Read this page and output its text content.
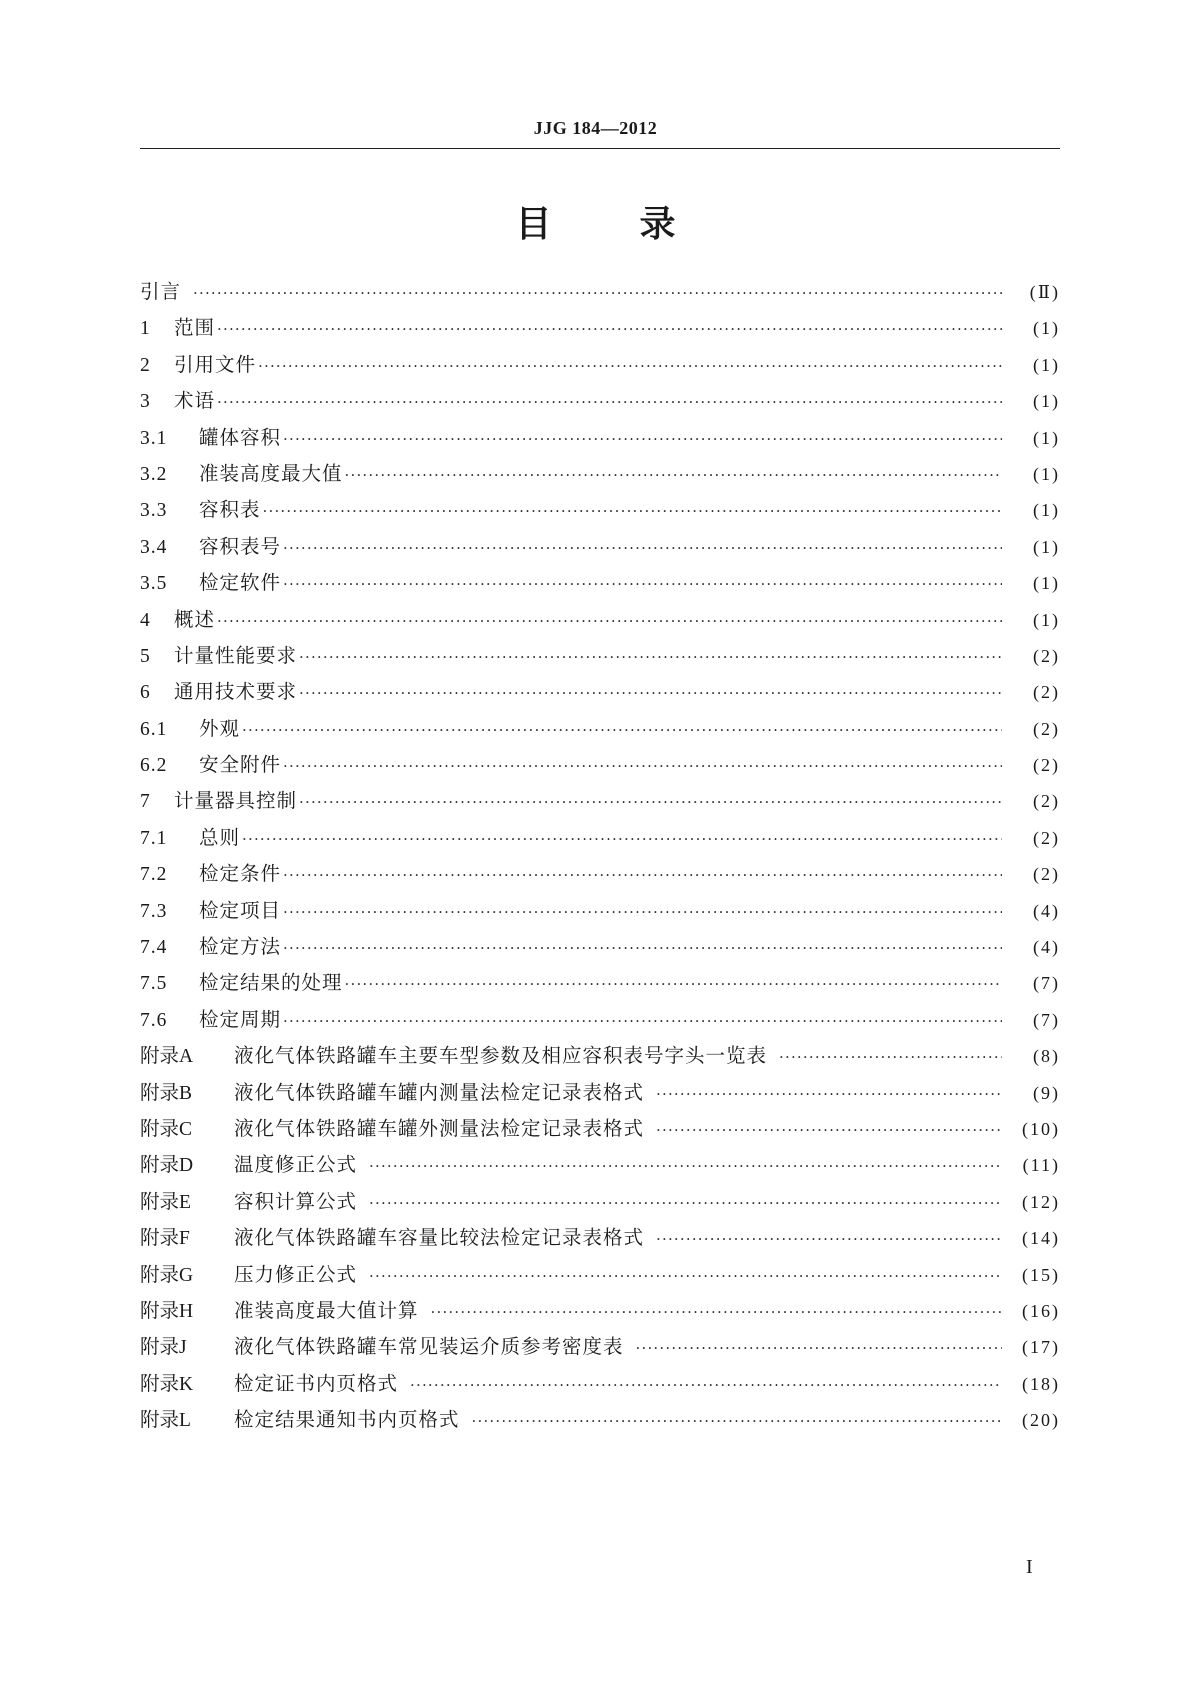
JJG 184—2012
目录
引言 ·····	(Ⅱ)
1 范围 ·····	(1)
2 引用文件 ·····	(1)
3 术语 ·····	(1)
3.1 罐体容积 ·····	(1)
3.2 准装高度最大值 ·····	(1)
3.3 容积表 ·····	(1)
3.4 容积表号 ·····	(1)
3.5 检定软件 ·····	(1)
4 概述 ·····	(1)
5 计量性能要求 ·····	(2)
6 通用技术要求 ·····	(2)
6.1 外观 ·····	(2)
6.2 安全附件 ·····	(2)
7 计量器具控制 ·····	(2)
7.1 总则 ·····	(2)
7.2 检定条件 ·····	(2)
7.3 检定项目 ·····	(4)
7.4 检定方法 ·····	(4)
7.5 检定结果的处理 ·····	(7)
7.6 检定周期 ·····	(7)
附录A 液化气体铁路罐车主要车型参数及相应容积表号字头一览表 ·····	(8)
附录B 液化气体铁路罐车罐内测量法检定记录表格式 ·····	(9)
附录C 液化气体铁路罐车罐外测量法检定记录表格式 ·····	(10)
附录D 温度修正公式 ·····	(11)
附录E 容积计算公式 ·····	(12)
附录F 液化气体铁路罐车容量比较法检定记录表格式 ·····	(14)
附录G 压力修正公式 ·····	(15)
附录H 准装高度最大值计算 ·····	(16)
附录J 液化气体铁路罐车常见装运介质参考密度表 ·····	(17)
附录K 检定证书内页格式 ·····	(18)
附录L 检定结果通知书内页格式 ·····	(20)
I
